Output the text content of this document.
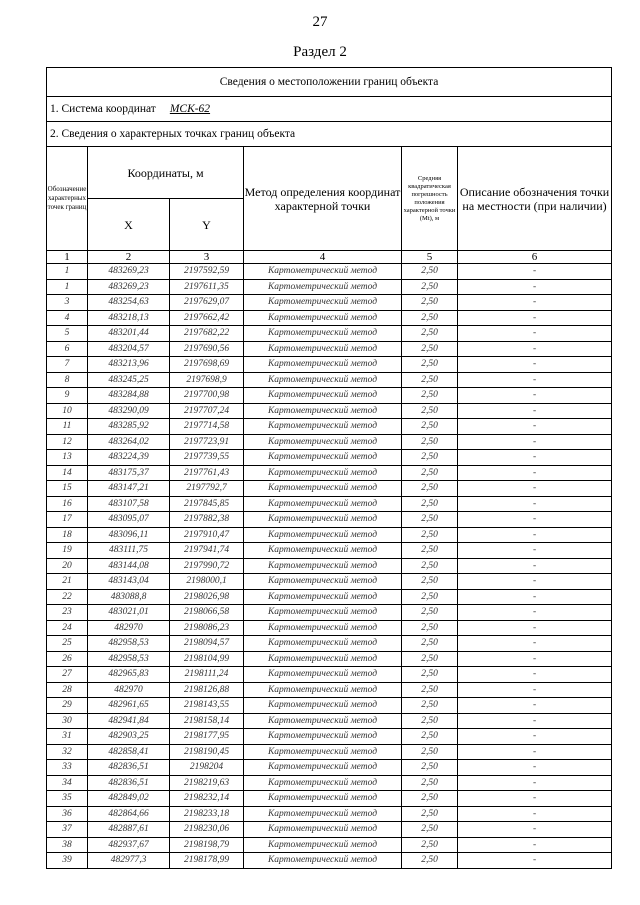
27
Раздел 2
Сведения о местоположении границ объекта					
1. Система координат МСК-62					
2. Сведения о характерных точках границ объекта					
Обозначение характерных точек границ	Координаты, м		Метод определения координат характерной точки	Средняя квадратическая погрешность положения характерной точки (Mt), м	Описание обозначения точки на местности (при наличии)
	X	Y			
1	2	3	4	5	6
1	483269,23	2197592,59	Картометрический метод	2,50	-
1	483269,23	2197611,35	Картометрический метод	2,50	-
3	483254,63	2197629,07	Картометрический метод	2,50	-
4	483218,13	2197662,42	Картометрический метод	2,50	-
5	483201,44	2197682,22	Картометрический метод	2,50	-
6	483204,57	2197690,56	Картометрический метод	2,50	-
7	483213,96	2197698,69	Картометрический метод	2,50	-
8	483245,25	2197698,9	Картометрический метод	2,50	-
9	483284,88	2197700,98	Картометрический метод	2,50	-
10	483290,09	2197707,24	Картометрический метод	2,50	-
11	483285,92	2197714,58	Картометрический метод	2,50	-
12	483264,02	2197723,91	Картометрический метод	2,50	-
13	483224,39	2197739,55	Картометрический метод	2,50	-
14	483175,37	2197761,43	Картометрический метод	2,50	-
15	483147,21	2197792,7	Картометрический метод	2,50	-
16	483107,58	2197845,85	Картометрический метод	2,50	-
17	483095,07	2197882,38	Картометрический метод	2,50	-
18	483096,11	2197910,47	Картометрический метод	2,50	-
19	483111,75	2197941,74	Картометрический метод	2,50	-
20	483144,08	2197990,72	Картометрический метод	2,50	-
21	483143,04	2198000,1	Картометрический метод	2,50	-
22	483088,8	2198026,98	Картометрический метод	2,50	-
23	483021,01	2198066,58	Картометрический метод	2,50	-
24	482970	2198086,23	Картометрический метод	2,50	-
25	482958,53	2198094,57	Картометрический метод	2,50	-
26	482958,53	2198104,99	Картометрический метод	2,50	-
27	482965,83	2198111,24	Картометрический метод	2,50	-
28	482970	2198126,88	Картометрический метод	2,50	-
29	482961,65	2198143,55	Картометрический метод	2,50	-
30	482941,84	2198158,14	Картометрический метод	2,50	-
31	482903,25	2198177,95	Картометрический метод	2,50	-
32	482858,41	2198190,45	Картометрический метод	2,50	-
33	482836,51	2198204	Картометрический метод	2,50	-
34	482836,51	2198219,63	Картометрический метод	2,50	-
35	482849,02	2198232,14	Картометрический метод	2,50	-
36	482864,66	2198233,18	Картометрический метод	2,50	-
37	482887,61	2198230,06	Картометрический метод	2,50	-
38	482937,67	2198198,79	Картометрический метод	2,50	-
39	482977,3	2198178,99	Картометрический метод	2,50	-
